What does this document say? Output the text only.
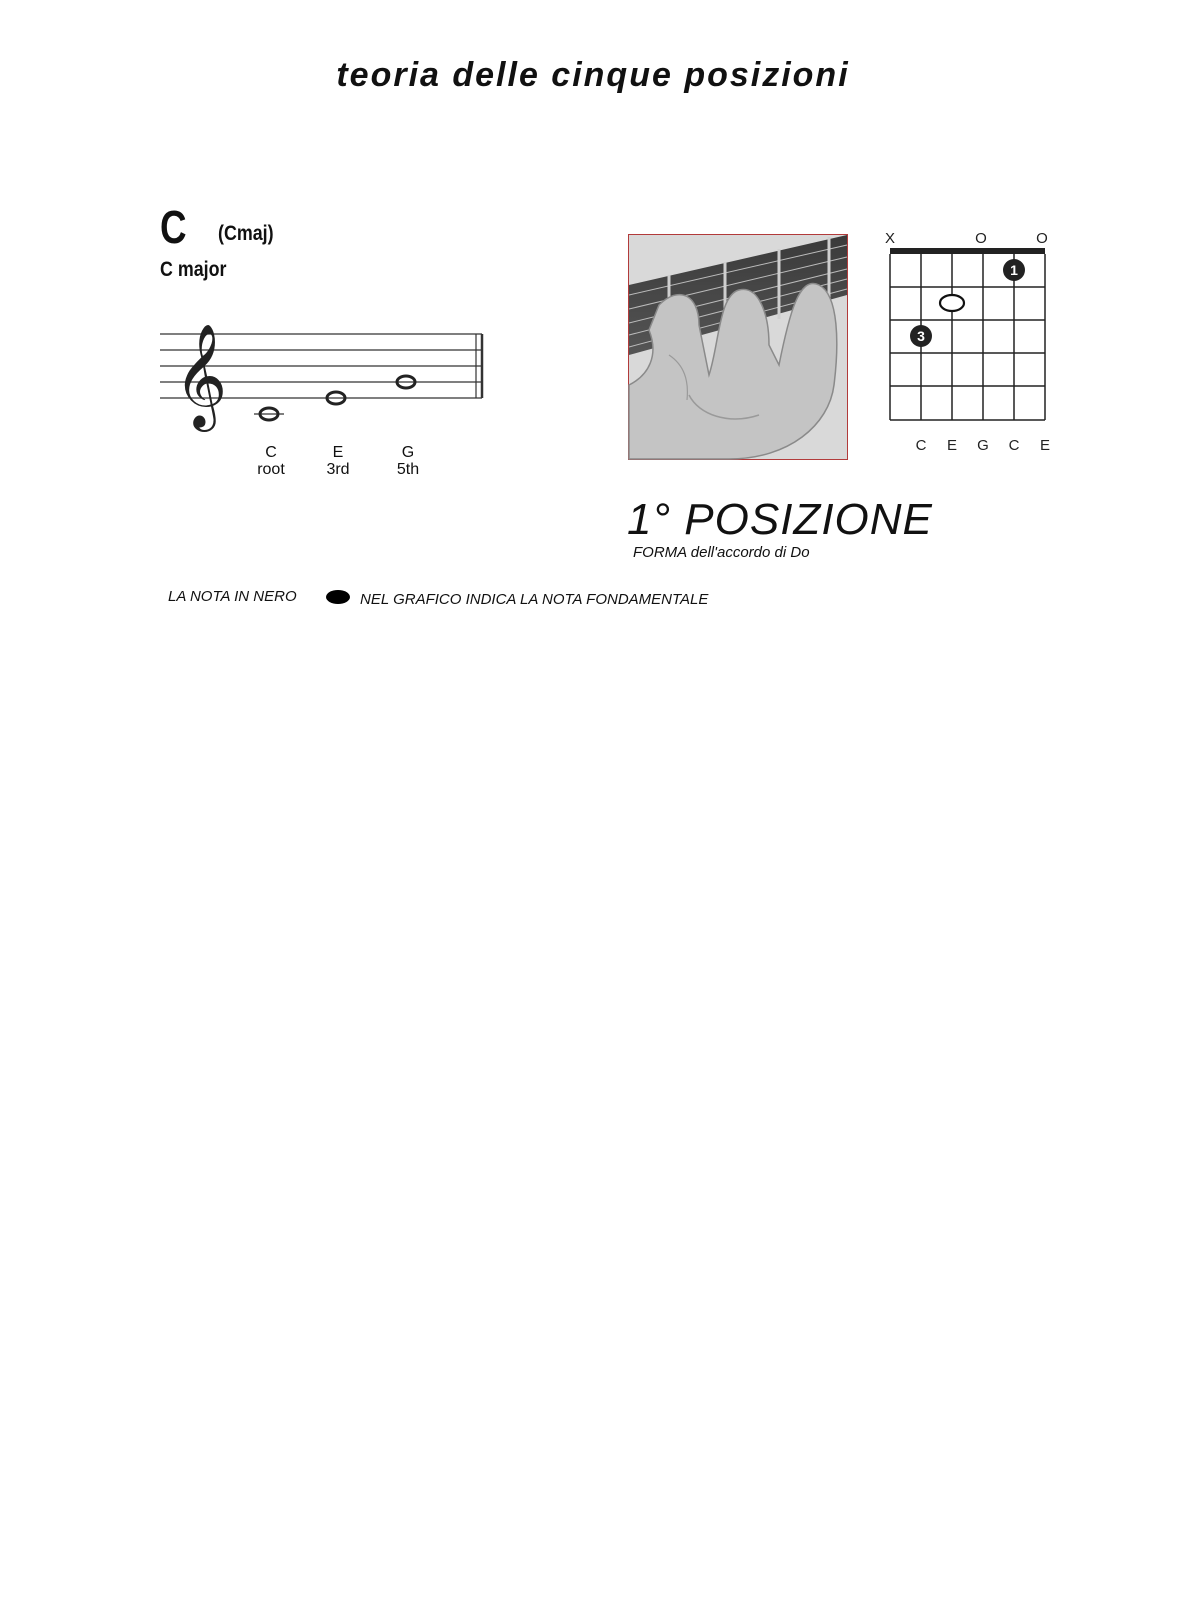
teoria delle cinque posizioni
C (Cmaj)
C major
𝄞
C
root
E
3rd
G
5th
X	O	O
1
3
C E G C E
1° POSIZIONE
FORMA dell'accordo di Do
LA NOTA IN NERO	NEL GRAFICO INDICA LA NOTA FONDAMENTALE
